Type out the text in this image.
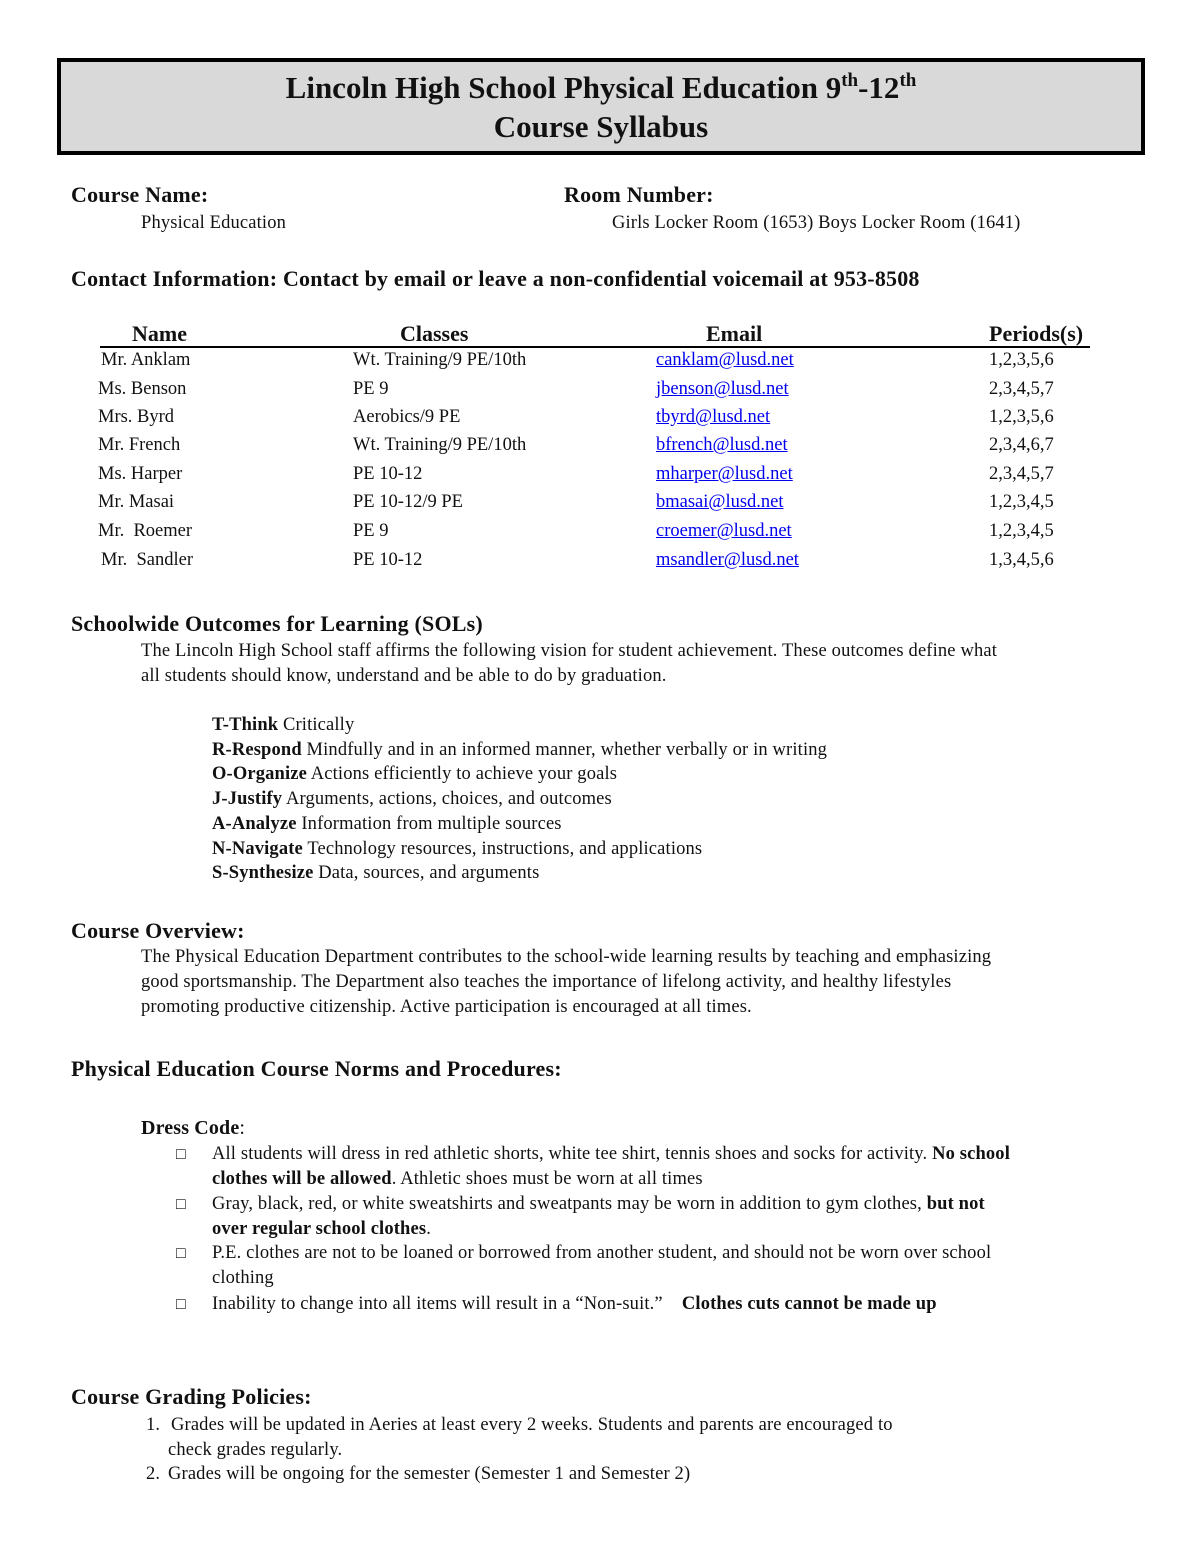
Lincoln High School Physical Education 9th-12th
Course Syllabus
Course Name:
Physical Education
Room Number:
Girls Locker Room (1653) Boys Locker Room (1641)
Contact Information: Contact by email or leave a non-confidential voicemail at 953-8508
Name	Classes	Email	Periods(s)
Mr. Anklam	Wt. Training/9 PE/10th	canklam@lusd.net	1,2,3,5,6
Ms. Benson	PE 9	jbenson@lusd.net	2,3,4,5,7
Mrs. Byrd	Aerobics/9 PE	tbyrd@lusd.net	1,2,3,5,6
Mr. French	Wt. Training/9 PE/10th	bfrench@lusd.net	2,3,4,6,7
Ms. Harper	PE 10-12	mharper@lusd.net	2,3,4,5,7
Mr. Masai	PE 10-12/9 PE	bmasai@lusd.net	1,2,3,4,5
Mr.  Roemer	PE 9	croemer@lusd.net	1,2,3,4,5
Mr.  Sandler	PE 10-12	msandler@lusd.net	1,3,4,5,6
Schoolwide Outcomes for Learning (SOLs)
The Lincoln High School staff affirms the following vision for student achievement. These outcomes define what
all students should know, understand and be able to do by graduation.
T-Think Critically
R-Respond Mindfully and in an informed manner, whether verbally or in writing
O-Organize Actions efficiently to achieve your goals
J-Justify Arguments, actions, choices, and outcomes
A-Analyze Information from multiple sources
N-Navigate Technology resources, instructions, and applications
S-Synthesize Data, sources, and arguments
Course Overview:
The Physical Education Department contributes to the school-wide learning results by teaching and emphasizing
good sportsmanship. The Department also teaches the importance of lifelong activity, and healthy lifestyles
promoting productive citizenship. Active participation is encouraged at all times.
Physical Education Course Norms and Procedures:
Dress Code:
□ All students will dress in red athletic shorts, white tee shirt, tennis shoes and socks for activity. No school
clothes will be allowed. Athletic shoes must be worn at all times
□ Gray, black, red, or white sweatshirts and sweatpants may be worn in addition to gym clothes, but not
over regular school clothes.
□ P.E. clothes are not to be loaned or borrowed from another student, and should not be worn over school
clothing
□ Inability to change into all items will result in a “Non-suit.”    Clothes cuts cannot be made up
Course Grading Policies:
1. Grades will be updated in Aeries at least every 2 weeks. Students and parents are encouraged to
check grades regularly.
2. Grades will be ongoing for the semester (Semester 1 and Semester 2)
